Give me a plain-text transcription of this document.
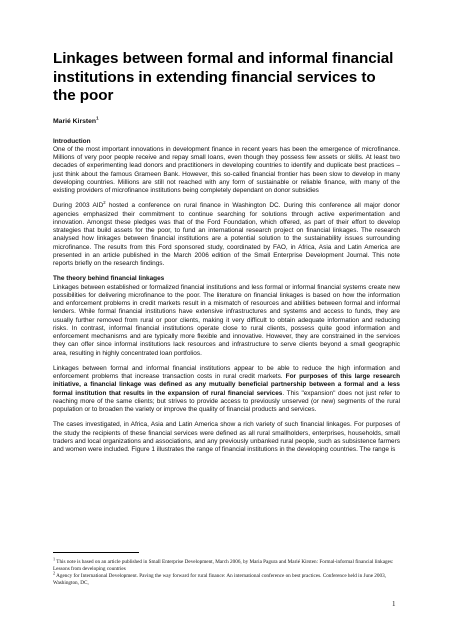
Linkages between formal and informal financial institutions in extending financial services to the poor
Marié Kirsten$^1$

Introduction

One of the most important innovations in development finance in recent years has been the emergence of microfinance. Millions of very poor people receive and repay small loans, even though they possess few assets or skills. At least two decades of experimenting lead donors and practitioners in developing countries to identify and duplicate best practices – just think about the famous Grameen Bank. However, this so-called financial frontier has been slow to develop in many developing countries. Millions are still not reached with any form of sustainable or reliable finance, with many of the existing providers of microfinance institutions being completely dependant on donor subsidies

During 2003 AID$^2$ hosted a conference on rural finance in Washington DC. During this conference all major donor agencies emphasized their commitment to continue searching for solutions through active experimentation and innovation. Amongst these pledges was that of the Ford Foundation, which offered, as part of their effort to develop strategies that build assets for the poor, to fund an international research project on financial linkages. The research analysed how linkages between financial institutions are a potential solution to the sustainability issues surrounding microfinance. The results from this Ford sponsored study, coordinated by FAO, in Africa, Asia and Latin America are presented in an article published in the March 2006 edition of the Small Enterprise Development Journal. This note reports briefly on the research findings.

The theory behind financial linkages

Linkages between established or formalized financial institutions and less formal or informal financial systems create new possibilities for delivering microfinance to the poor. The literature on financial linkages is based on how the information and enforcement problems in credit markets result in a mismatch of resources and abilities between formal and informal lenders. While formal financial institutions have extensive infrastructures and systems and access to funds, they are usually further removed from rural or poor clients, making it very difficult to obtain adequate information and reducing risks. In contrast, informal financial institutions operate close to rural clients, possess quite good information and enforcement mechanisms and are typically more flexible and innovative. However, they are constrained in the services they can offer since informal institutions lack resources and infrastructure to serve clients beyond a small geographic area, resulting in highly concentrated loan portfolios.

Linkages between formal and informal financial institutions appear to be able to reduce the high information and enforcement problems that increase transaction costs in rural credit markets. For purposes of this large research initiative, a financial linkage was defined as any mutually beneficial partnership between a formal and a less formal institution that results in the expansion of rural financial services. This "expansion" does not just refer to reaching more of the same clients; but strives to provide access to previously unserved (or new) segments of the rural population or to broaden the variety or improve the quality of financial products and services.

The cases investigated, in Africa, Asia and Latin America show a rich variety of such financial linkages. For purposes of the study the recipients of these financial services were defined as all rural smallholders, enterprises, households, small traders and local organizations and associations, and any previously unbanked rural people, such as subsistence farmers and women were included. Figure 1 illustrates the range of financial institutions in the developing countries. The range is

$^1$ This note is based on an article published in Small Enterprise Development, March 2006, by Maria Pagura and Marié Kirsten: Formal-informal financial linkages: Lessons from developing countries

$^2$ Agency for International Development. Paving the way forward for rural finance: An international conference on best practices. Conference held in June 2003, Washington, DC,

1
